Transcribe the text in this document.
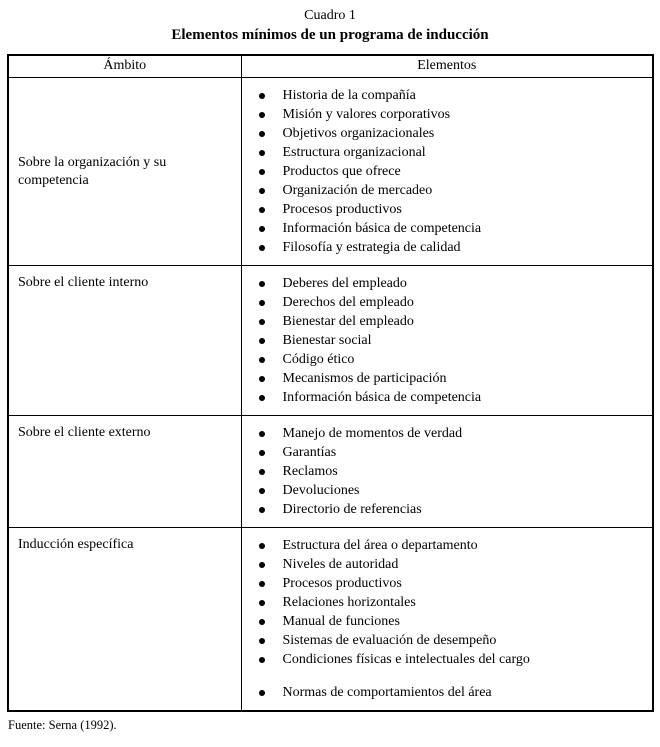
Cuadro 1
Elementos mínimos de un programa de inducción
Ámbito	Elementos
Sobre la organización y su competencia	
Historia de la compañía
Misión y valores corporativos
Objetivos organizacionales
Estructura organizacional
Productos que ofrece
Organización de mercadeo
Procesos productivos
Información básica de competencia
Filosofía y estrategia de calidad

Sobre el cliente interno	Deberes del empleado
Derechos del empleado
Bienestar del empleado
Bienestar social
Código ético
Mecanismos de participación
Información básica de competencia

Sobre el cliente externo	Manejo de momentos de verdad
Garantías
Reclamos
Devoluciones
Directorio de referencias

Inducción específica	Estructura del área o departamento
Niveles de autoridad
Procesos productivos
Relaciones horizontales
Manual de funciones
Sistemas de evaluación de desempeño
Condiciones físicas e intelectuales del cargo
Normas de comportamientos del área
Fuente: Serna (1992).
